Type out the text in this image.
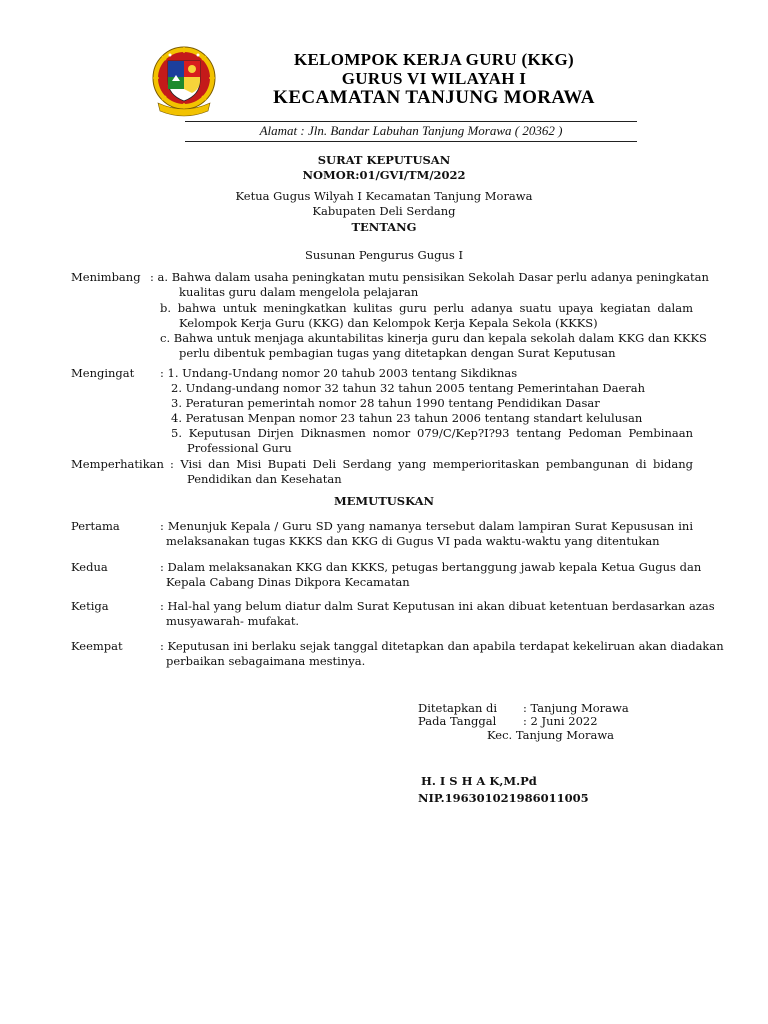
KELOMPOK KERJA GURU (KKG)
GURUS VI WILAYAH I
KECAMATAN TANJUNG MORAWA
Alamat : Jln. Bandar Labuhan Tanjung Morawa ( 20362 )
SURAT KEPUTUSAN
NOMOR:01/GVI/TM/2022
Ketua Gugus Wilyah I Kecamatan Tanjung Morawa
Kabupaten Deli Serdang
TENTANG
Susunan Pengurus Gugus I
Menimbang : a. Bahwa dalam usaha peningkatan mutu pensisikan Sekolah Dasar perlu adanya peningkatan
kualitas guru dalam mengelola pelajaran
b. bahwa untuk meningkatkan kulitas guru perlu adanya suatu upaya kegiatan dalam
Kelompok Kerja Guru (KKG) dan Kelompok Kerja Kepala Sekola (KKKS)
c. Bahwa untuk menjaga akuntabilitas kinerja guru dan kepala sekolah dalam KKG dan KKKS
perlu dibentuk pembagian tugas yang ditetapkan dengan Surat Keputusan
Mengingat : 1. Undang-Undang nomor 20 tahub 2003 tentang Sikdiknas
2. Undang-undang nomor 32 tahun 32 tahun 2005 tentang Pemerintahan Daerah
3. Peraturan pemerintah nomor 28 tahun 1990 tentang Pendidikan Dasar
4. Peratusan Menpan nomor 23 tahun 23 tahun 2006 tentang standart kelulusan
5. Keputusan Dirjen Diknasmen nomor 079/C/Kep?I?93 tentang Pedoman Pembinaan
Professional Guru
Memperhatikan : Visi dan Misi Bupati Deli Serdang yang memperioritaskan pembangunan di bidang
Pendidikan dan Kesehatan
MEMUTUSKAN
Pertama	: Menunjuk Kepala / Guru SD yang namanya tersebut dalam lampiran Surat Kepususan ini
melaksanakan tugas KKKS dan KKG di Gugus VI pada waktu-waktu yang ditentukan
Kedua	: Dalam melaksanakan KKG dan KKKS, petugas bertanggung jawab kepala Ketua Gugus dan
Kepala Cabang Dinas Dikpora Kecamatan
Ketiga	: Hal-hal yang belum diatur dalm Surat Keputusan ini akan dibuat ketentuan berdasarkan azas
musyawarah- mufakat.
Keempat	: Keputusan ini berlaku sejak tanggal ditetapkan dan apabila terdapat kekeliruan akan diadakan
perbaikan sebagaimana mestinya.
Ditetapkan di : Tanjung Morawa
Pada Tanggal : 2 Juni 2022
Kec. Tanjung Morawa
H. I S H A K,M.Pd
NIP.196301021986011005
